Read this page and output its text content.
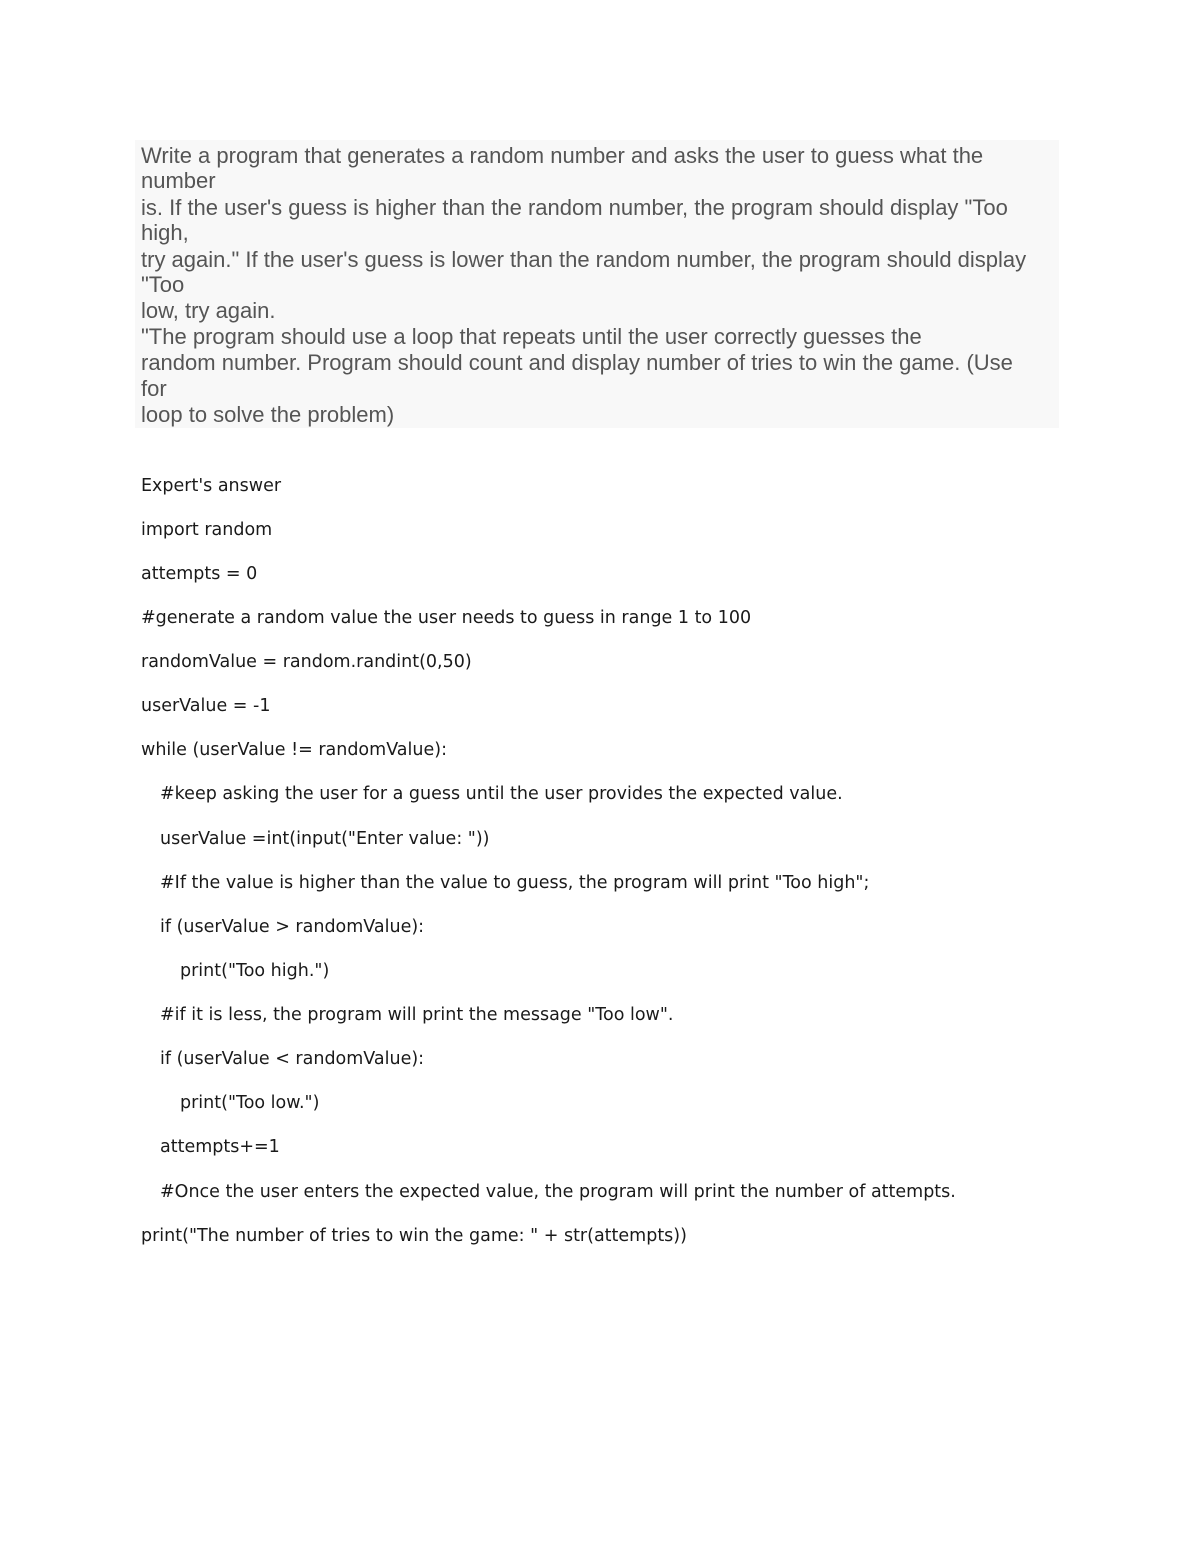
Write a program that generates a random number and asks the user to guess what the
number
is. If the user's guess is higher than the random number, the program should display "Too
high,
try again." If the user's guess is lower than the random number, the program should display
"Too
low, try again.
"The program should use a loop that repeats until the user correctly guesses the
random number. Program should count and display number of tries to win the game. (Use
for
loop to solve the problem)
Expert's answer
import random
attempts = 0
#generate a random value the user needs to guess in range 1 to 100
randomValue = random.randint(0,50)
userValue = -1
while (userValue != randomValue):
#keep asking the user for a guess until the user provides the expected value.
userValue =int(input("Enter value: "))
#If the value is higher than the value to guess, the program will print "Too high";
if (userValue > randomValue):
print("Too high.")
#if it is less, the program will print the message "Too low".
if (userValue < randomValue):
print("Too low.")
attempts+=1
#Once the user enters the expected value, the program will print the number of attempts.
print("The number of tries to win the game: " + str(attempts))
